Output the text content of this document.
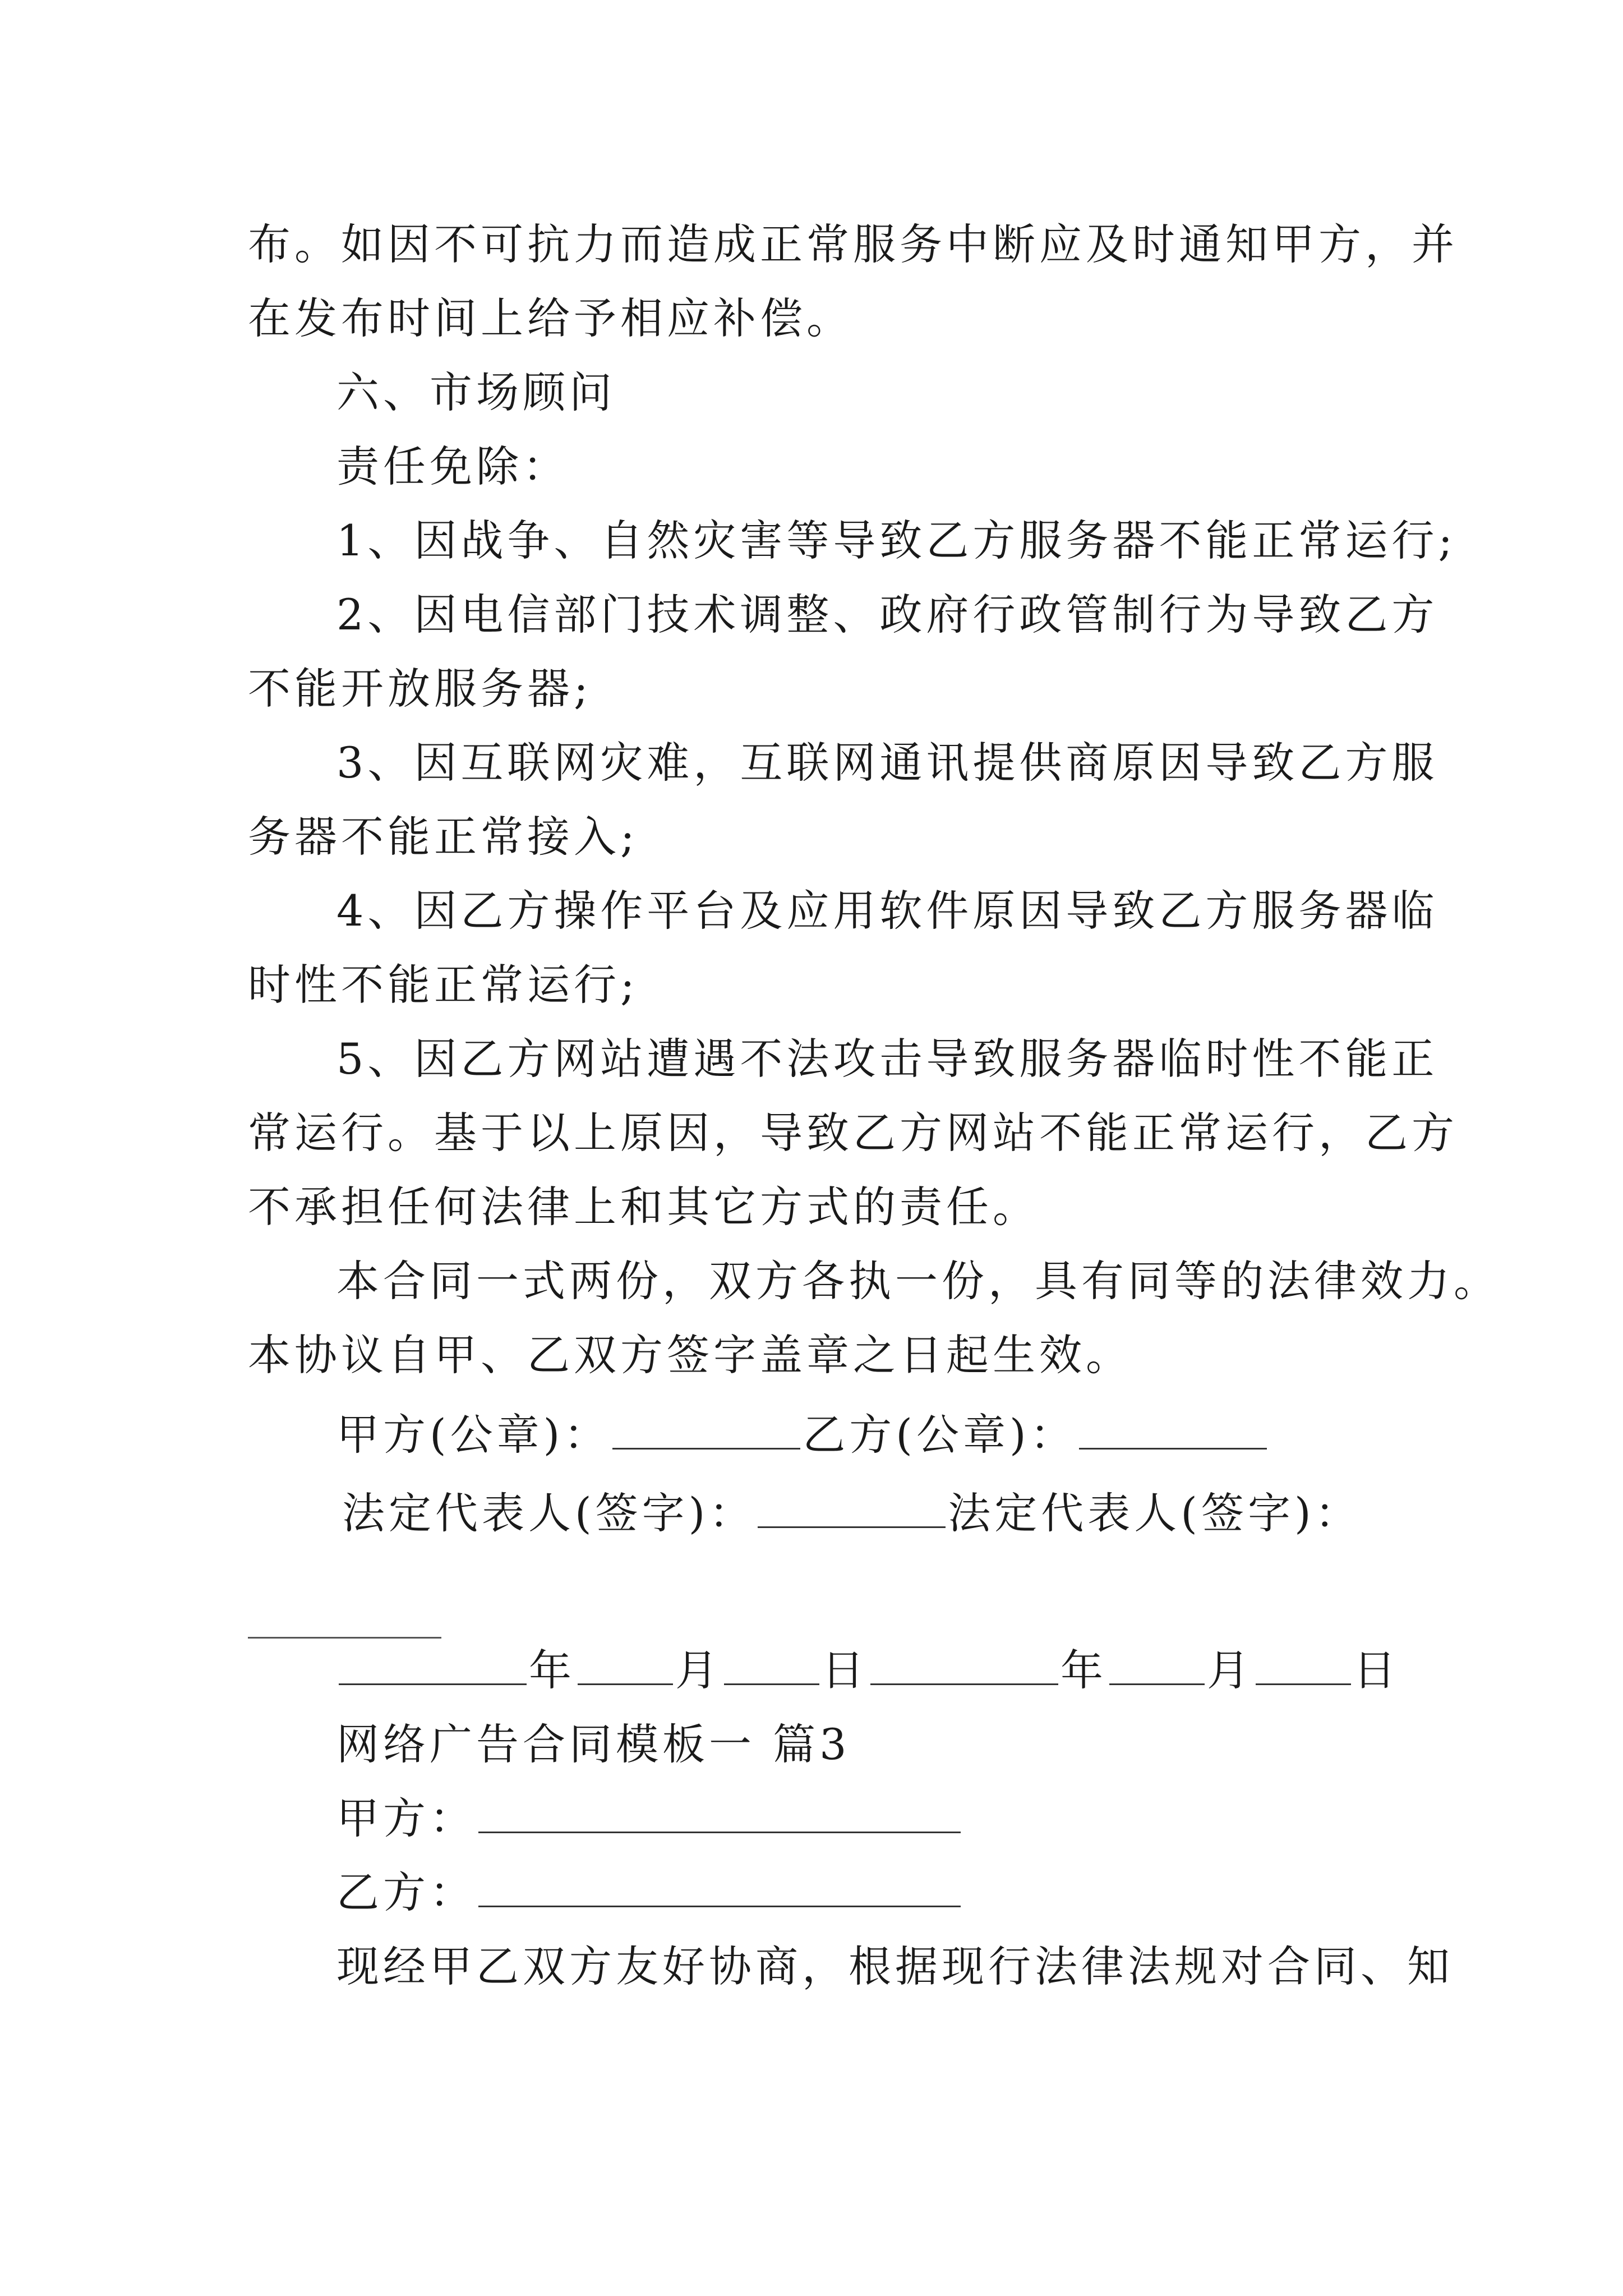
布。如因不可抗力而造成正常服务中断应及时通知甲方，并
在发布时间上给予相应补偿。
六、市场顾问
责任免除：
1、因战争、自然灾害等导致乙方服务器不能正常运行;
2、因电信部门技术调整、政府行政管制行为导致乙方
不能开放服务器;
3、因互联网灾难，互联网通讯提供商原因导致乙方服
务器不能正常接入;
4、因乙方操作平台及应用软件原因导致乙方服务器临
时性不能正常运行;
5、因乙方网站遭遇不法攻击导致服务器临时性不能正
常运行。基于以上原因，导致乙方网站不能正常运行，乙方
不承担任何法律上和其它方式的责任。
本合同一式两份，双方各执一份，具有同等的法律效力。
本协议自甲、乙双方签字盖章之日起生效。
甲方(公章)：	乙方(公章)：
法定代表人(签字)：	法定代表人(签字)：
年 月 日	年 月 日
网络广告合同模板一 篇3
甲方：
乙方：
现经甲乙双方友好协商，根据现行法律法规对合同、知
